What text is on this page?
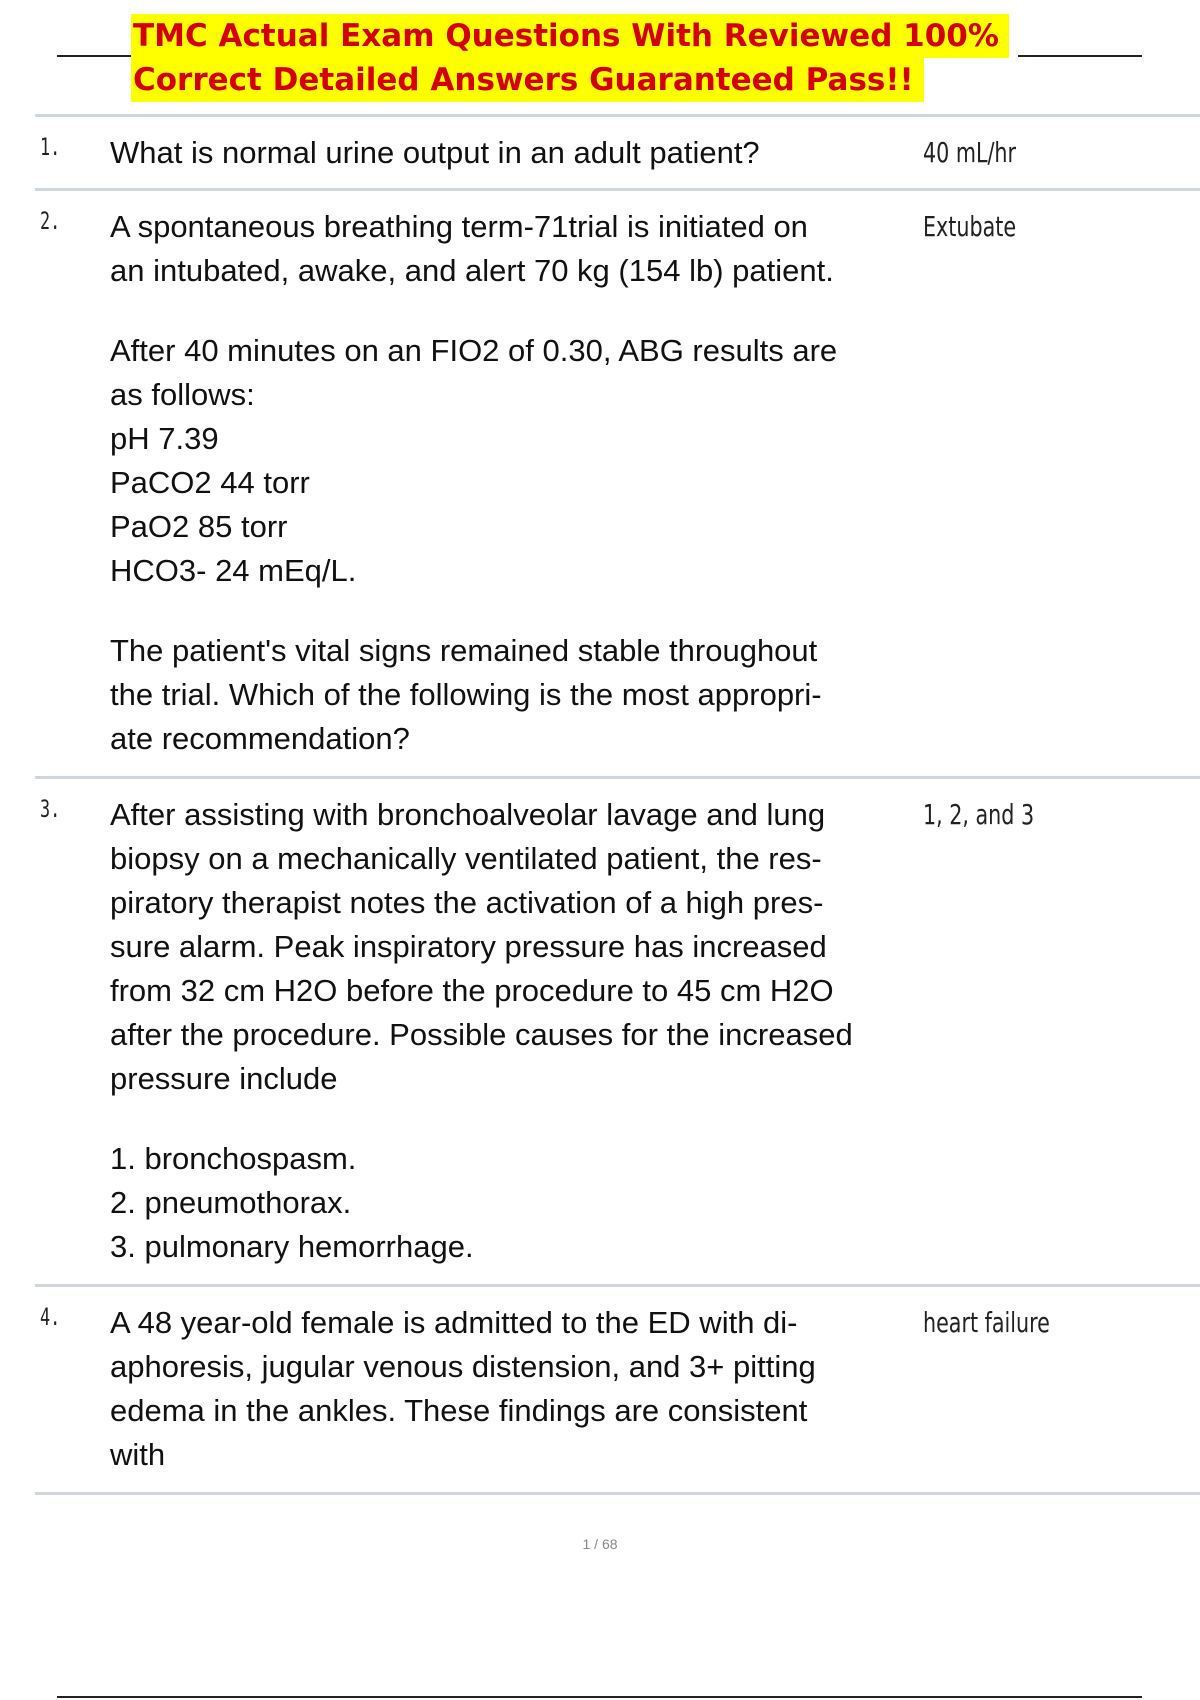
TMC Actual Exam Questions With Reviewed 100%
Correct Detailed Answers Guaranteed Pass!!
1. What is normal urine output in an adult patient?	40 mL/hr
2. A spontaneous breathing term-71trial is initiated on
an intubated, awake, and alert 70 kg (154 lb) patient.

After 40 minutes on an FIO2 of 0.30, ABG results are
as follows:
pH 7.39
PaCO2 44 torr
PaO2 85 torr
HCO3- 24 mEq/L.

The patient's vital signs remained stable throughout
the trial. Which of the following is the most appropri-
ate recommendation?

Extubate
3. After assisting with bronchoalveolar lavage and lung
biopsy on a mechanically ventilated patient, the res-
piratory therapist notes the activation of a high pres-
sure alarm. Peak inspiratory pressure has increased
from 32 cm H2O before the procedure to 45 cm H2O
after the procedure. Possible causes for the increased
pressure include

1. bronchospasm.
2. pneumothorax.
3. pulmonary hemorrhage.

1, 2, and 3
4. A 48 year-old female is admitted to the ED with di-
aphoresis, jugular venous distension, and 3+ pitting
edema in the ankles. These findings are consistent
with

heart failure
1 / 68
